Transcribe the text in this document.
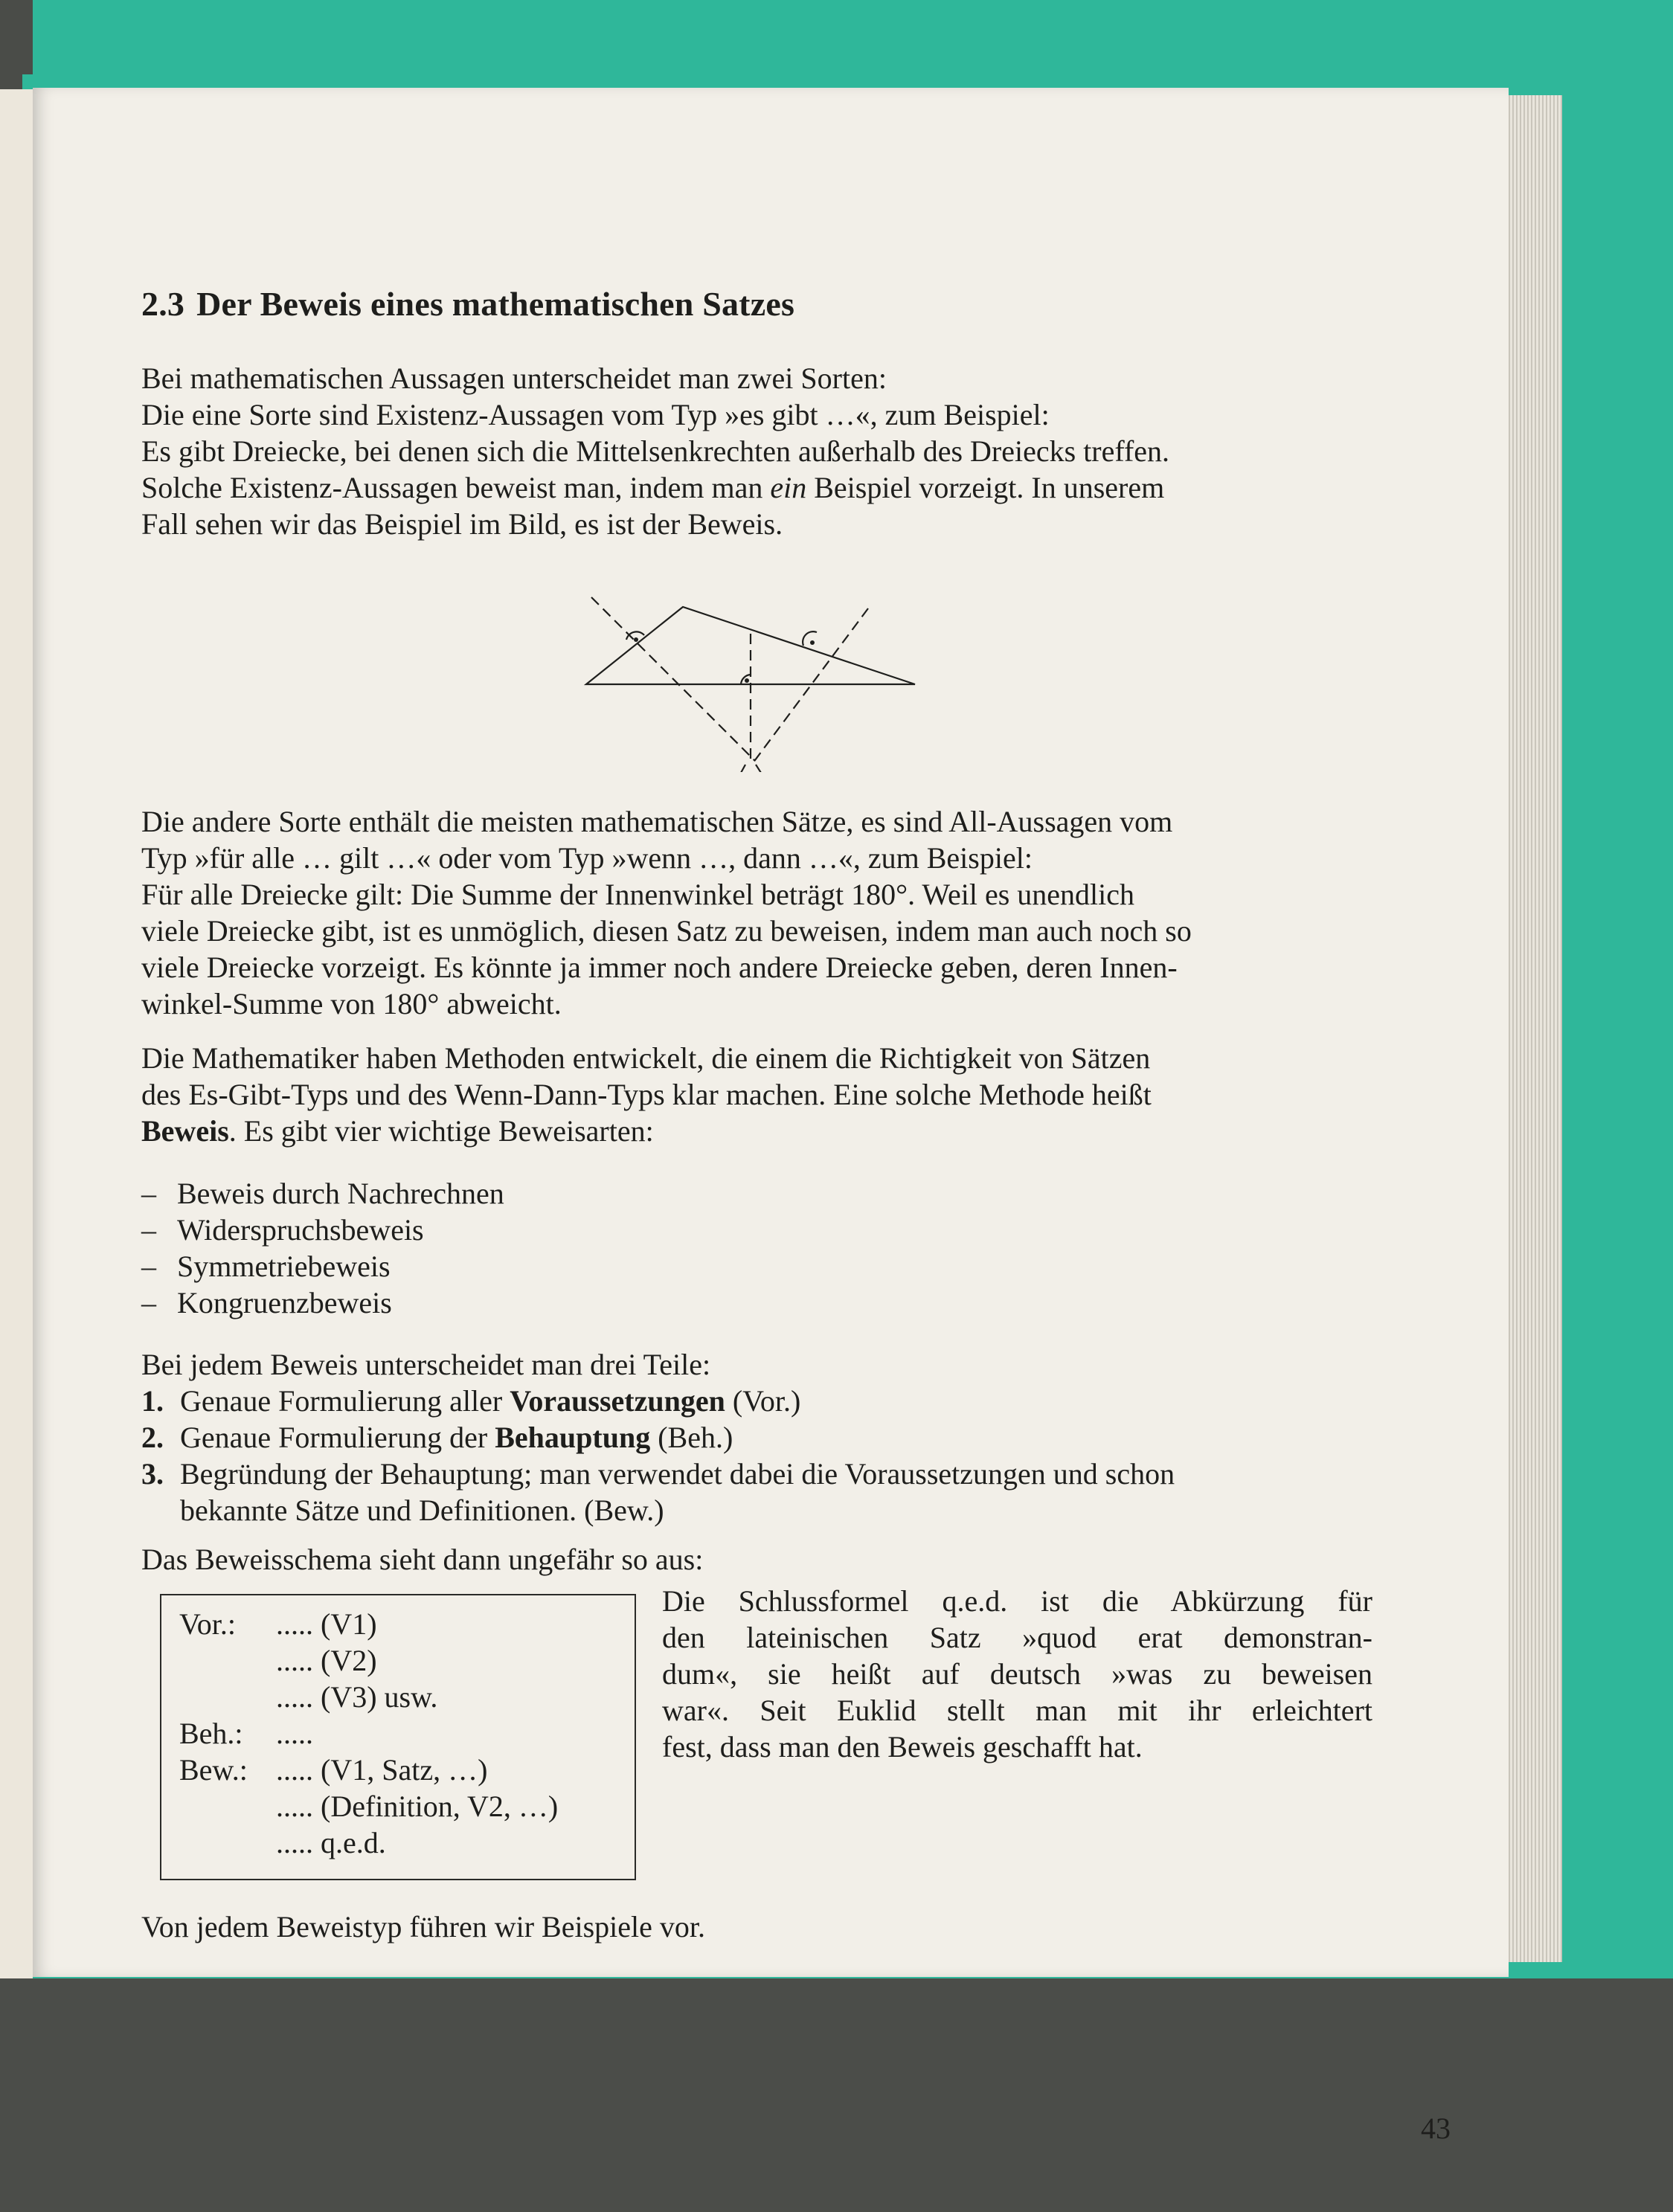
2.3 Der Beweis eines mathematischen Satzes

Bei mathematischen Aussagen unterscheidet man zwei Sorten:

Die eine Sorte sind Existenz-Aussagen vom Typ »es gibt …«, zum Beispiel:

Es gibt Dreiecke, bei denen sich die Mittelsenkrechten außerhalb des Dreiecks treffen.

Solche Existenz-Aussagen beweist man, indem man ein Beispiel vorzeigt. In unserem

Fall sehen wir das Beispiel im Bild, es ist der Beweis.

Die andere Sorte enthält die meisten mathematischen Sätze, es sind All-Aussagen vom

Typ »für alle … gilt …« oder vom Typ »wenn …, dann …«, zum Beispiel:

Für alle Dreiecke gilt: Die Summe der Innenwinkel beträgt 180°. Weil es unendlich

viele Dreiecke gibt, ist es unmöglich, diesen Satz zu beweisen, indem man auch noch so

viele Dreiecke vorzeigt. Es könnte ja immer noch andere Dreiecke geben, deren Innen-

winkel-Summe von 180° abweicht.

Die Mathematiker haben Methoden entwickelt, die einem die Richtigkeit von Sätzen

des Es-Gibt-Typs und des Wenn-Dann-Typs klar machen. Eine solche Methode heißt

Beweis. Es gibt vier wichtige Beweisarten:

– Beweis durch Nachrechnen
– Widerspruchsbeweis
– Symmetriebeweis
– Kongruenzbeweis

Bei jedem Beweis unterscheidet man drei Teile:

1. Genaue Formulierung aller Voraussetzungen (Vor.)
2. Genaue Formulierung der Behauptung (Beh.)
3. Begründung der Behauptung; man verwendet dabei die Voraussetzungen und schon
bekannte Sätze und Definitionen. (Bew.)

Das Beweisschema sieht dann ungefähr so aus:

Vor.: ..... (V1)
..... (V2)
..... (V3) usw.
Beh.: .....
Bew.: ..... (V1, Satz, …)
..... (Definition, V2, …)
..... q.e.d.
Die Schlussformel q.e.d. ist die Abkürzung für
den lateinischen Satz »quod erat demonstran-
dum«, sie heißt auf deutsch »was zu beweisen
war«. Seit Euklid stellt man mit ihr erleichtert
fest, dass man den Beweis geschafft hat.

Von jedem Beweistyp führen wir Beispiele vor.

43
